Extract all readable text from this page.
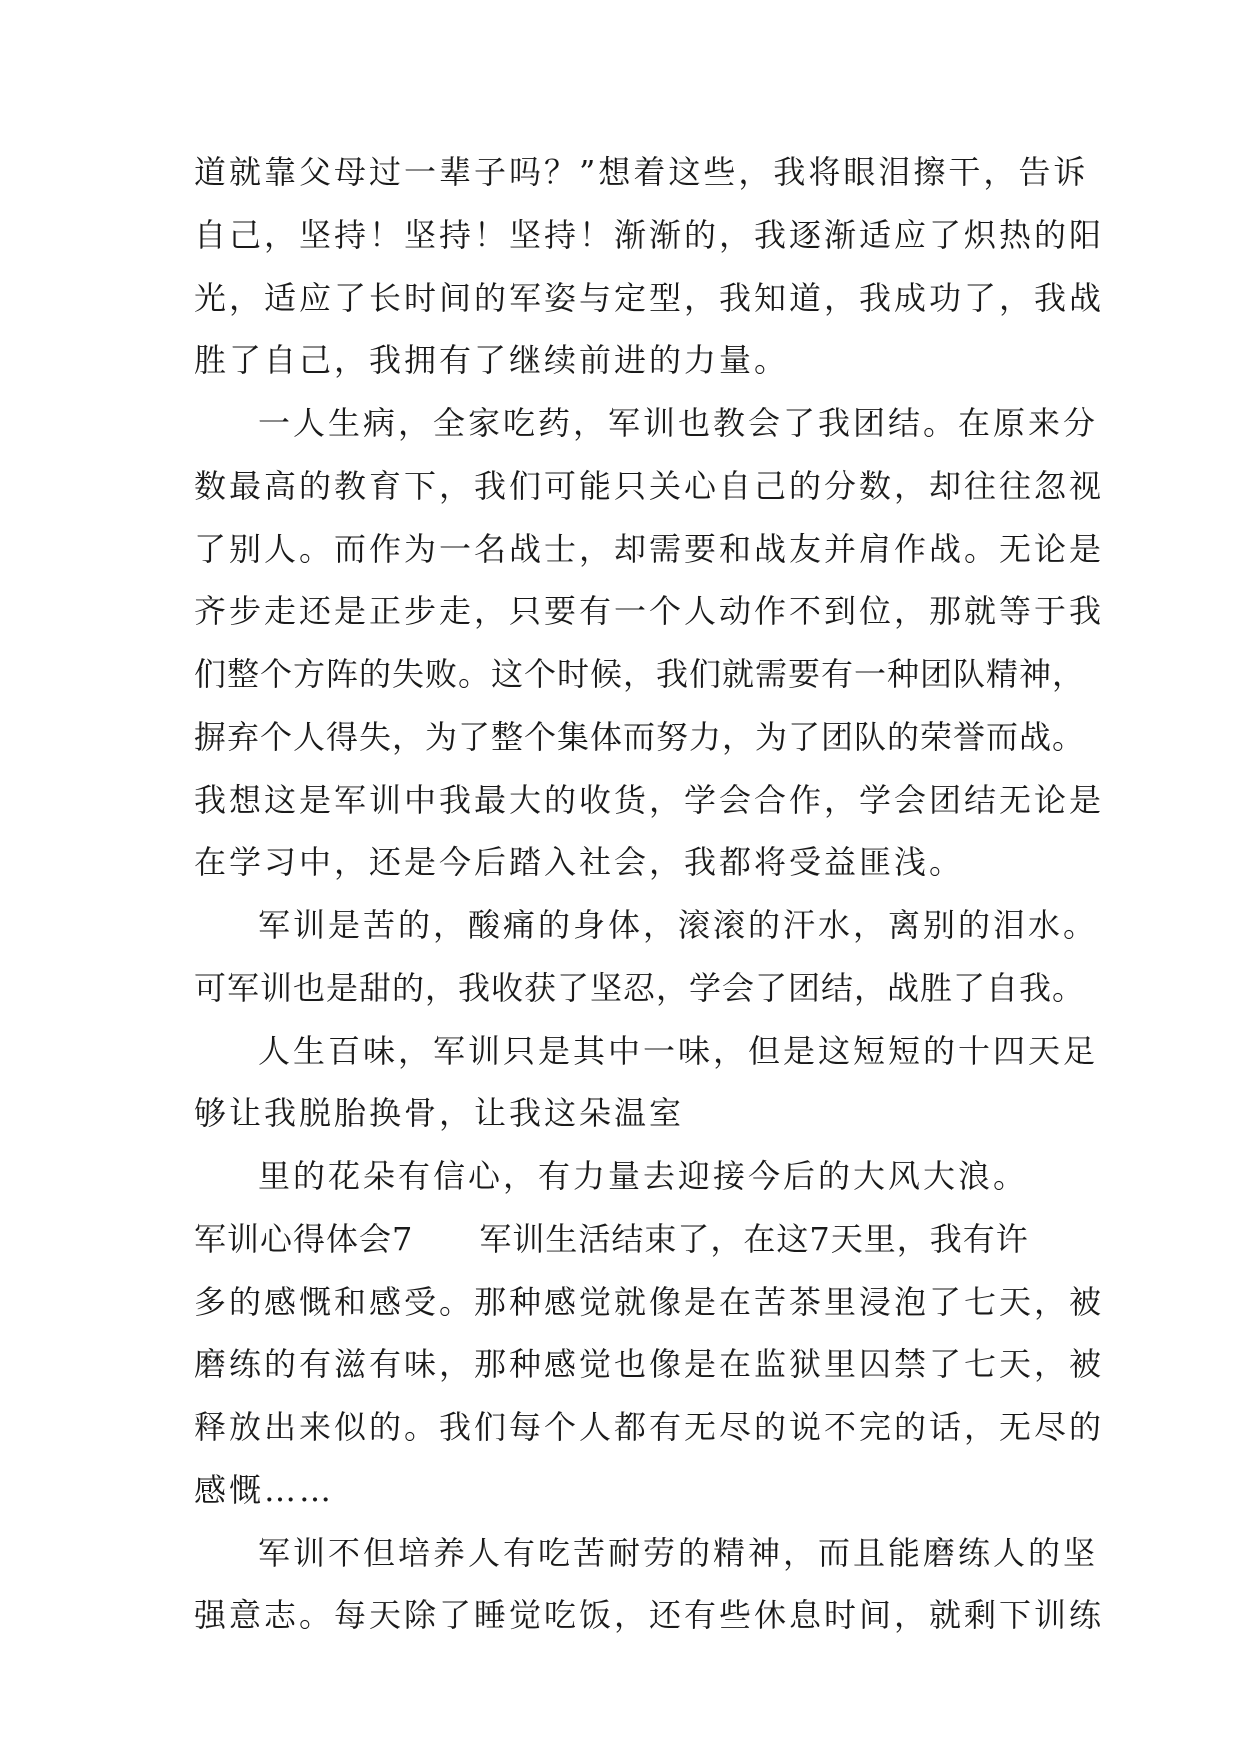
道就靠父母过一辈子吗？”想着这些，我将眼泪擦干，告诉
自己，坚持！坚持！坚持！渐渐的，我逐渐适应了炽热的阳
光，适应了长时间的军姿与定型，我知道，我成功了，我战
胜了自己，我拥有了继续前进的力量。
一人生病，全家吃药，军训也教会了我团结。在原来分
数最高的教育下，我们可能只关心自己的分数，却往往忽视
了别人。而作为一名战士，却需要和战友并肩作战。无论是
齐步走还是正步走，只要有一个人动作不到位，那就等于我
们整个方阵的失败。这个时候，我们就需要有一种团队精神，
摒弃个人得失，为了整个集体而努力，为了团队的荣誉而战。
我想这是军训中我最大的收货，学会合作，学会团结无论是
在学习中，还是今后踏入社会，我都将受益匪浅。
军训是苦的，酸痛的身体，滚滚的汗水，离别的泪水。
可军训也是甜的，我收获了坚忍，学会了团结，战胜了自我。
人生百味，军训只是其中一味，但是这短短的十四天足
够让我脱胎换骨，让我这朵温室
里的花朵有信心，有力量去迎接今后的大风大浪。
军训心得体会7　　军训生活结束了，在这7天里，我有许
多的感慨和感受。那种感觉就像是在苦茶里浸泡了七天，被
磨练的有滋有味，那种感觉也像是在监狱里囚禁了七天，被
释放出来似的。我们每个人都有无尽的说不完的话，无尽的
感慨……
军训不但培养人有吃苦耐劳的精神，而且能磨练人的坚
强意志。每天除了睡觉吃饭，还有些休息时间，就剩下训练
